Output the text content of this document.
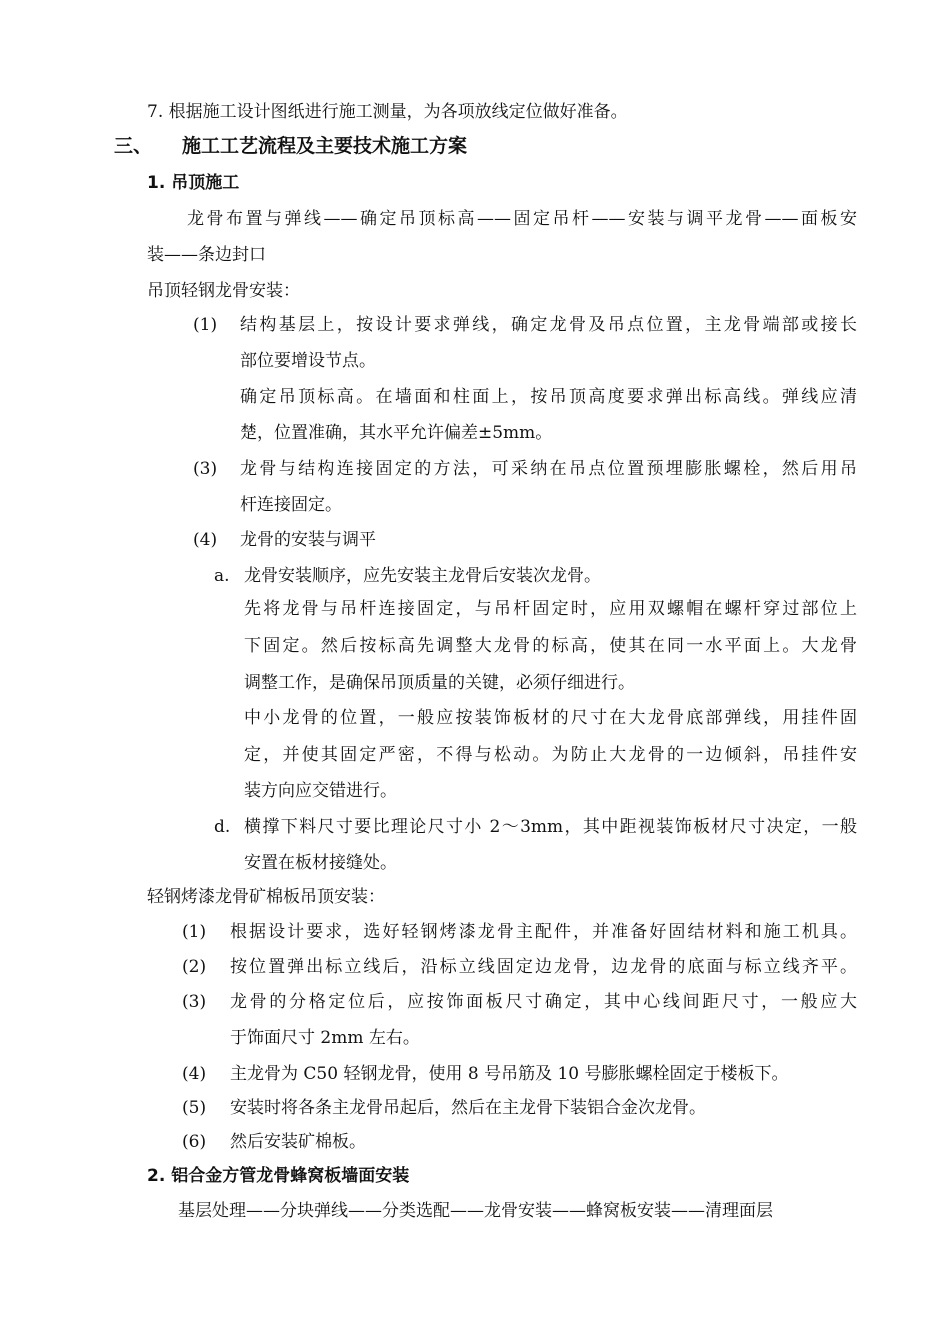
7. 根据施工设计图纸进行施工测量，为各项放线定位做好准备。
三、 施工工艺流程及主要技术施工方案
1. 吊顶施工
龙骨布置与弹线——确定吊顶标高——固定吊杆——安装与调平龙骨——面板安
装——条边封口
吊顶轻钢龙骨安装：
(1) 结构基层上，按设计要求弹线，确定龙骨及吊点位置，主龙骨端部或接长
部位要增设节点。
确定吊顶标高。在墙面和柱面上，按吊顶高度要求弹出标高线。弹线应清
楚，位置准确，其水平允许偏差±5mm。
(3) 龙骨与结构连接固定的方法，可采纳在吊点位置预埋膨胀螺栓，然后用吊
杆连接固定。
(4) 龙骨的安装与调平
a. 龙骨安装顺序，应先安装主龙骨后安装次龙骨。
先将龙骨与吊杆连接固定，与吊杆固定时，应用双螺帽在螺杆穿过部位上
下固定。然后按标高先调整大龙骨的标高，使其在同一水平面上。大龙骨
调整工作，是确保吊顶质量的关键，必须仔细进行。
中小龙骨的位置，一般应按装饰板材的尺寸在大龙骨底部弹线，用挂件固
定，并使其固定严密，不得与松动。为防止大龙骨的一边倾斜，吊挂件安
装方向应交错进行。
d. 横撑下料尺寸要比理论尺寸小 2～3mm，其中距视装饰板材尺寸决定，一般
安置在板材接缝处。
轻钢烤漆龙骨矿棉板吊顶安装：
(1) 根据设计要求，选好轻钢烤漆龙骨主配件，并准备好固结材料和施工机具。
(2) 按位置弹出标立线后，沿标立线固定边龙骨，边龙骨的底面与标立线齐平。
(3) 龙骨的分格定位后，应按饰面板尺寸确定，其中心线间距尺寸，一般应大
于饰面尺寸 2mm 左右。
(4) 主龙骨为 C50 轻钢龙骨，使用 8 号吊筋及 10 号膨胀螺栓固定于楼板下。
(5) 安装时将各条主龙骨吊起后，然后在主龙骨下装铝合金次龙骨。
(6) 然后安装矿棉板。
2. 铝合金方管龙骨蜂窝板墙面安装
基层处理——分块弹线——分类选配——龙骨安装——蜂窝板安装——清理面层
